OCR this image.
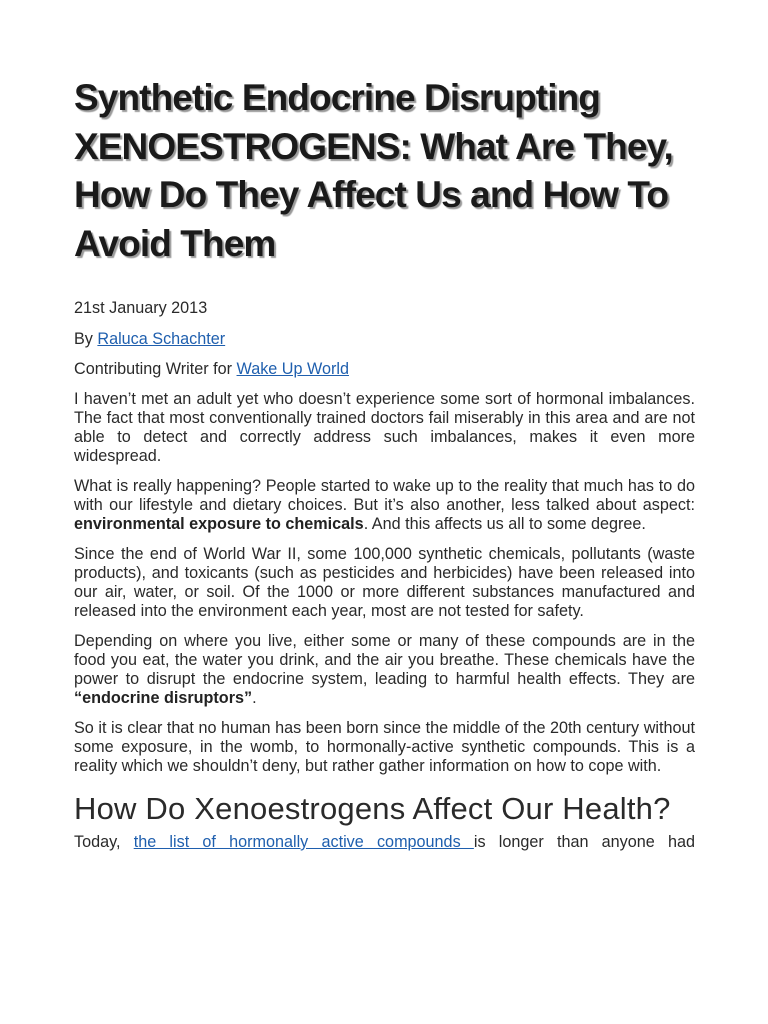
Synthetic Endocrine Disrupting XENOESTROGENS: What Are They, How Do They Affect Us and How To Avoid Them

21st January 2013

By Raluca Schachter

Contributing Writer for Wake Up World

I haven’t met an adult yet who doesn’t experience some sort of hormonal imbalances. The fact that most conventionally trained doctors fail miserably in this area and are not able to detect and correctly address such imbalances, makes it even more widespread.

What is really happening? People started to wake up to the reality that much has to do with our lifestyle and dietary choices. But it’s also another, less talked about aspect: environmental exposure to chemicals. And this affects us all to some degree.

Since the end of World War II, some 100,000 synthetic chemicals, pollutants (waste products), and toxicants (such as pesticides and herbicides) have been released into our air, water, or soil. Of the 1000 or more different substances manufactured and released into the environment each year, most are not tested for safety.

Depending on where you live, either some or many of these compounds are in the food you eat, the water you drink, and the air you breathe. These chemicals have the power to disrupt the endocrine system, leading to harmful health effects. They are “endocrine disruptors”.

So it is clear that no human has been born since the middle of the 20th century without some exposure, in the womb, to hormonally-active synthetic compounds. This is a reality which we shouldn’t deny, but rather gather information on how to cope with.

How Do Xenoestrogens Affect Our Health?

Today, the list of hormonally active compounds is longer than anyone had
